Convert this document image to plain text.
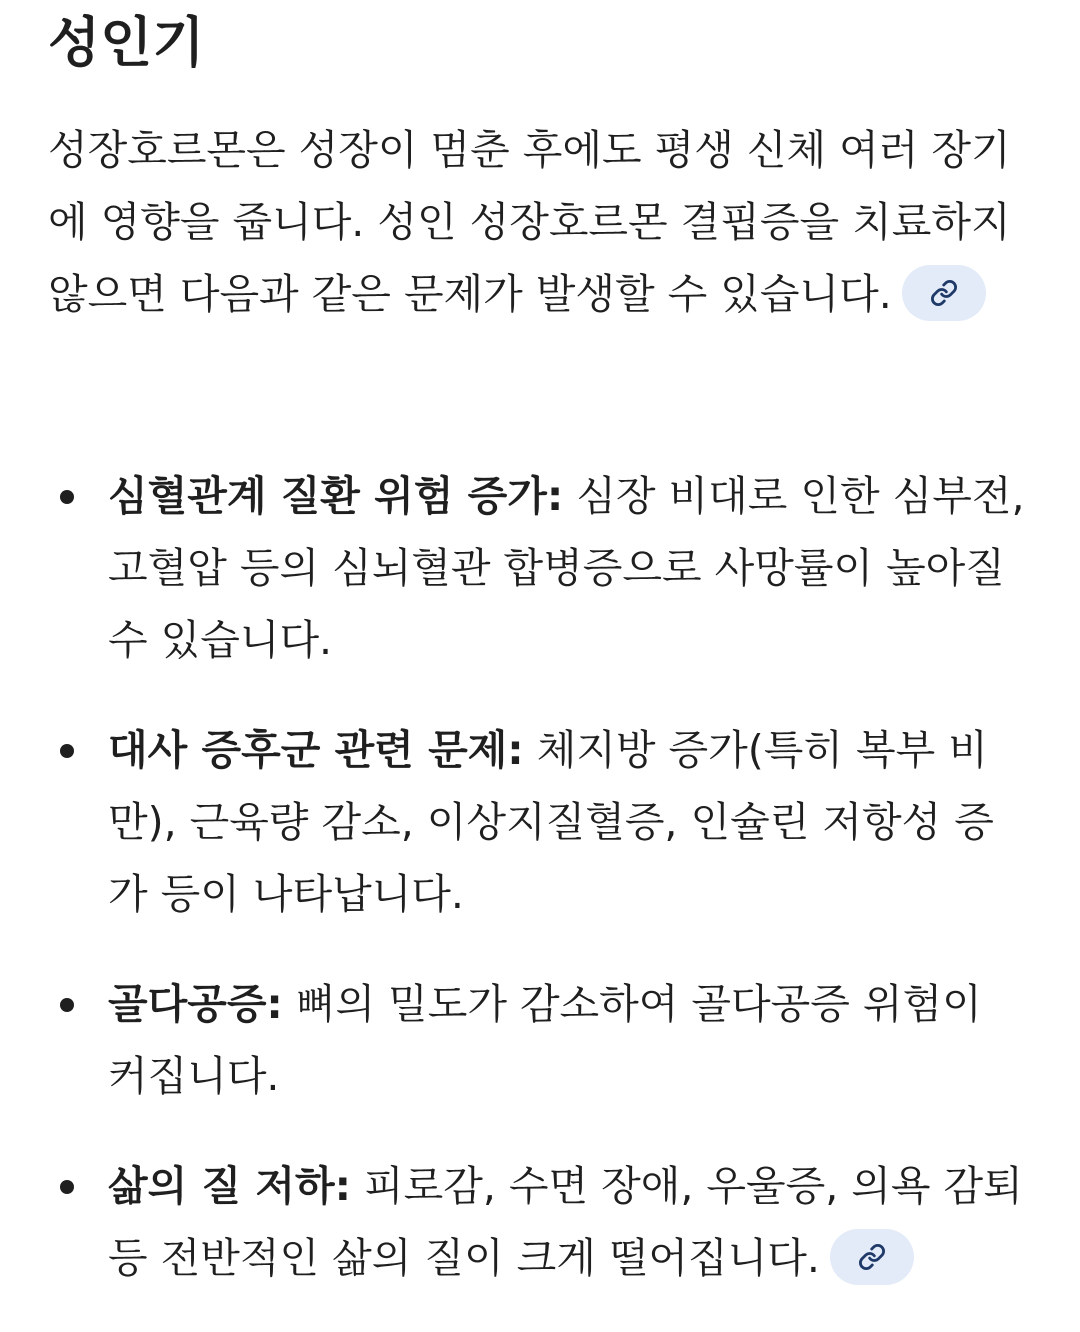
성인기

성장호르몬은 성장이 멈춘 후에도 평생 신체 여러 장기에 영향을 줍니다. 성인 성장호르몬 결핍증을 치료하지 않으면 다음과 같은 문제가 발생할 수 있습니다.

심혈관계 질환 위험 증가: 심장 비대로 인한 심부전, 고혈압 등의 심뇌혈관 합병증으로 사망률이 높아질 수 있습니다.
대사 증후군 관련 문제: 체지방 증가(특히 복부 비만), 근육량 감소, 이상지질혈증, 인슐린 저항성 증가 등이 나타납니다.
골다공증: 뼈의 밀도가 감소하여 골다공증 위험이 커집니다.
삶의 질 저하: 피로감, 수면 장애, 우울증, 의욕 감퇴 등 전반적인 삶의 질이 크게 떨어집니다.
